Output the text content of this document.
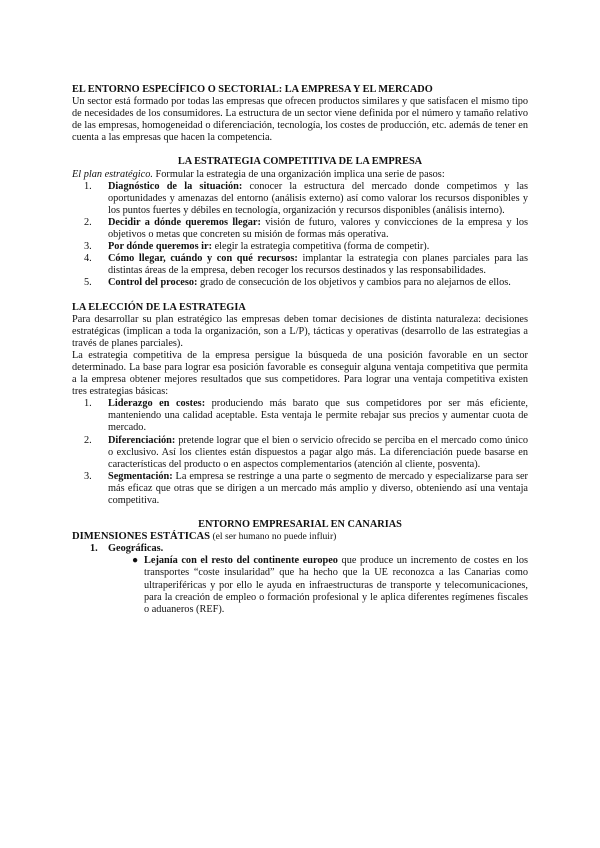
EL ENTORNO ESPECÍFICO O SECTORIAL: LA EMPRESA Y EL MERCADO

Un sector está formado por todas las empresas que ofrecen productos similares y que satisfacen el mismo tipo de necesidades de los consumidores. La estructura de un sector viene definida por el número y tamaño relativo de las empresas, homogeneidad o diferenciación, tecnología, los costes de producción, etc. además de tener en cuenta a las empresas que hacen la competencia.

LA ESTRATEGIA COMPETITIVA DE LA EMPRESA

El plan estratégico. Formular la estrategia de una organización implica una serie de pasos:

1. Diagnóstico de la situación: conocer la estructura del mercado donde competimos y las oportunidades y amenazas del entorno (análisis externo) así como valorar los recursos disponibles y los puntos fuertes y débiles en tecnología, organización y recursos disponibles (análisis interno).
2. Decidir a dónde queremos llegar: visión de futuro, valores y convicciones de la empresa y los objetivos o metas que concreten su misión de formas más operativa.
3. Por dónde queremos ir: elegir la estrategia competitiva (forma de competir).
4. Cómo llegar, cuándo y con qué recursos: implantar la estrategia con planes parciales para las distintas áreas de la empresa, deben recoger los recursos destinados y las responsabilidades.
5. Control del proceso: grado de consecución de los objetivos y cambios para no alejarnos de ellos.

LA ELECCIÓN DE LA ESTRATEGIA

Para desarrollar su plan estratégico las empresas deben tomar decisiones de distinta naturaleza: decisiones estratégicas (implican a toda la organización, son a L/P), tácticas y operativas (desarrollo de las estrategias a través de planes parciales).

La estrategia competitiva de la empresa persigue la búsqueda de una posición favorable en un sector determinado. La base para lograr esa posición favorable es conseguir alguna ventaja competitiva que permita a la empresa obtener mejores resultados que sus competidores. Para lograr una ventaja competitiva existen tres estrategias básicas:

1. Liderazgo en costes: produciendo más barato que sus competidores por ser más eficiente, manteniendo una calidad aceptable. Esta ventaja le permite rebajar sus precios y aumentar cuota de mercado.
2. Diferenciación: pretende lograr que el bien o servicio ofrecido se perciba en el mercado como único o exclusivo. Así los clientes están dispuestos a pagar algo más. La diferenciación puede basarse en características del producto o en aspectos complementarios (atención al cliente, posventa).
3. Segmentación: La empresa se restringe a una parte o segmento de mercado y especializarse para ser más eficaz que otras que se dirigen a un mercado más amplio y diverso, obteniendo así una ventaja competitiva.

ENTORNO EMPRESARIAL EN CANARIAS

DIMENSIONES ESTÁTICAS (el ser humano no puede influir)

1. Geográficas.
● Lejanía con el resto del continente europeo que produce un incremento de costes en los transportes “coste insularidad” que ha hecho que la UE reconozca a las Canarias como ultraperiféricas y por ello le ayuda en infraestructuras de transporte y telecomunicaciones, para la creación de empleo o formación profesional y le aplica diferentes regímenes fiscales o aduaneros (REF).
